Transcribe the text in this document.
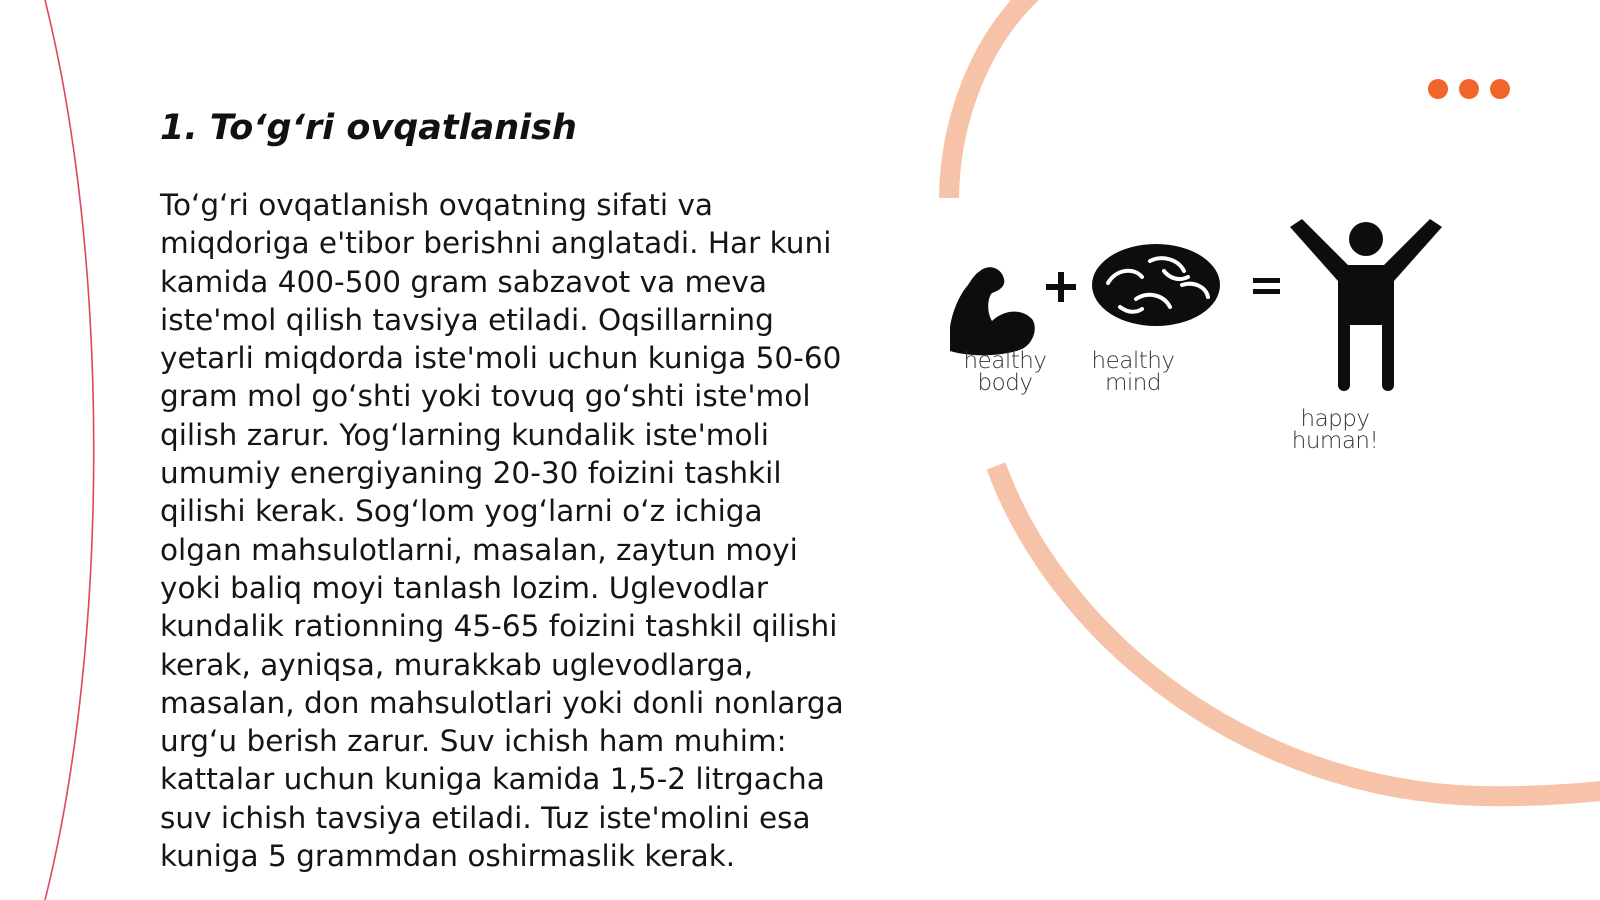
1. To‘g‘ri ovqatlanish

To‘g‘ri ovqatlanish ovqatning sifati va miqdoriga e'tibor berishni anglatadi. Har kuni kamida 400-500 gram sabzavot va meva iste'mol qilish tavsiya etiladi. Oqsillarning yetarli miqdorda iste'moli uchun kuniga 50-60 gram mol go‘shti yoki tovuq go‘shti iste'mol qilish zarur. Yog‘larning kundalik iste'moli umumiy energiyaning 20-30 foizini tashkil qilishi kerak. Sog‘lom yog‘larni o‘z ichiga olgan mahsulotlarni, masalan, zaytun moyi yoki baliq moyi tanlash lozim. Uglevodlar kundalik rationning 45-65 foizini tashkil qilishi kerak, ayniqsa, murakkab uglevodlarga, masalan, don mahsulotlari yoki donli nonlarga urg‘u berish zarur. Suv ichish ham muhim: kattalar uchun kuniga kamida 1,5-2 litrgacha suv ichish tavsiya etiladi. Tuz iste'molini esa kuniga 5 grammdan oshirmaslik kerak.

healthy body
healthy mind
happy human!
